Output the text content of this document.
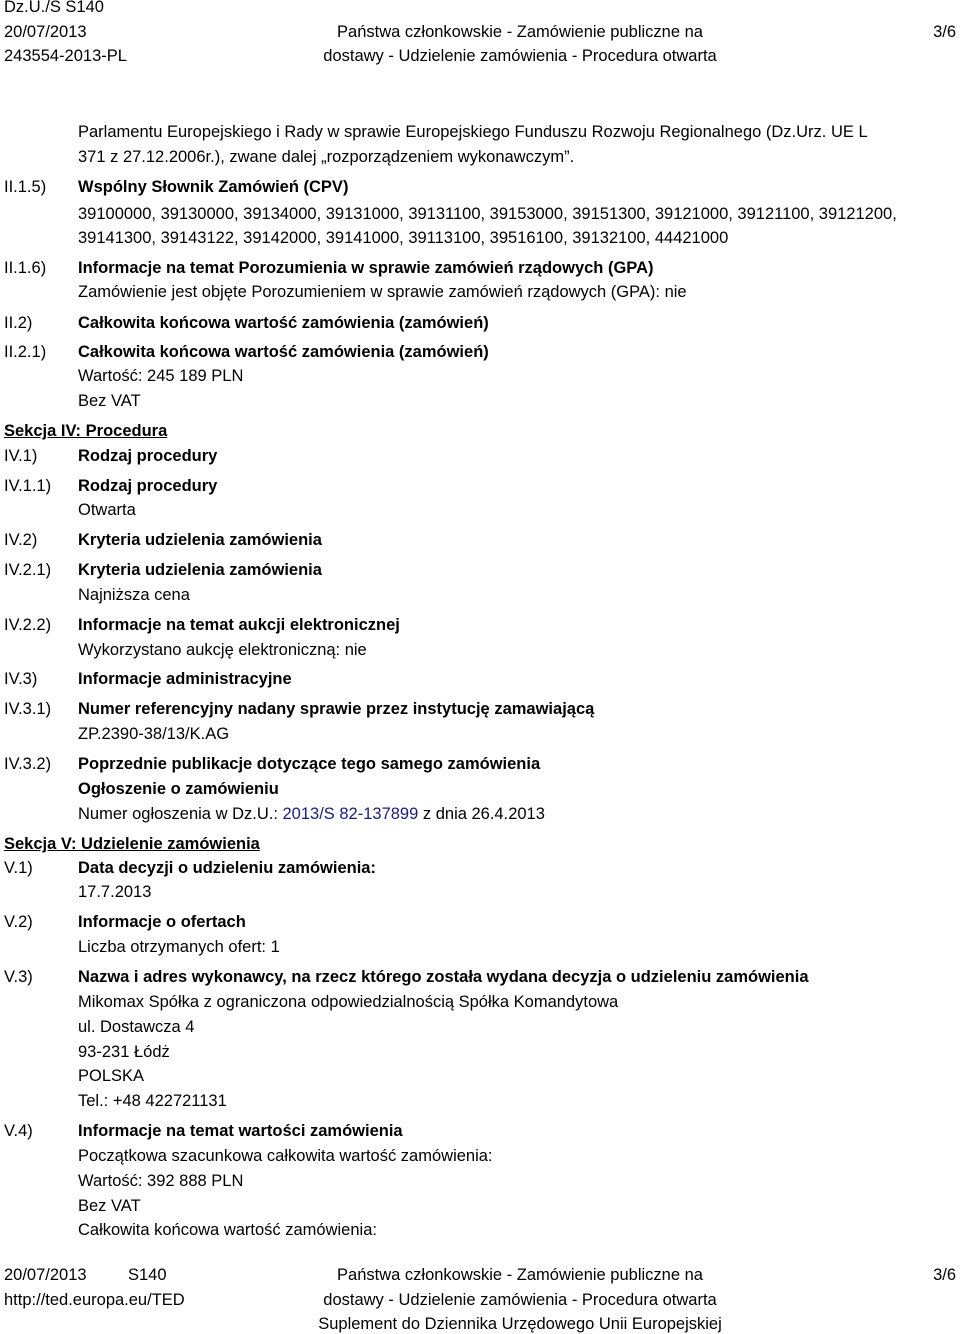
Dz.U./S S140
20/07/2013
243554-2013-PL
Państwa członkowskie - Zamówienie publiczne na
dostawy - Udzielenie zamówienia - Procedura otwarta
3/6
Parlamentu Europejskiego i Rady w sprawie Europejskiego Funduszu Rozwoju Regionalnego (Dz.Urz. UE L
371 z 27.12.2006r.), zwane dalej „rozporządzeniem wykonawczym”.
II.1.5) Wspólny Słownik Zamówień (CPV)
39100000, 39130000, 39134000, 39131000, 39131100, 39153000, 39151300, 39121000, 39121100, 39121200,
39141300, 39143122, 39142000, 39141000, 39113100, 39516100, 39132100, 44421000
II.1.6) Informacje na temat Porozumienia w sprawie zamówień rządowych (GPA)
Zamówienie jest objęte Porozumieniem w sprawie zamówień rządowych (GPA): nie
II.2)	Całkowita końcowa wartość zamówienia (zamówień)
II.2.1) Całkowita końcowa wartość zamówienia (zamówień)
Wartość: 245 189 PLN
Bez VAT
Sekcja IV: Procedura
IV.1) Rodzaj procedury
IV.1.1) Rodzaj procedury
Otwarta
IV.2) Kryteria udzielenia zamówienia
IV.2.1) Kryteria udzielenia zamówienia
Najniższa cena
IV.2.2) Informacje na temat aukcji elektronicznej
Wykorzystano aukcję elektroniczną: nie
IV.3) Informacje administracyjne
IV.3.1) Numer referencyjny nadany sprawie przez instytucję zamawiającą
ZP.2390-38/13/K.AG
IV.3.2) Poprzednie publikacje dotyczące tego samego zamówienia
Ogłoszenie o zamówieniu
Numer ogłoszenia w Dz.U.: 2013/S 82-137899 z dnia 26.4.2013
Sekcja V: Udzielenie zamówienia
V.1)	Data decyzji o udzieleniu zamówienia:
17.7.2013
V.2)	Informacje o ofertach
Liczba otrzymanych ofert: 1
V.3)	Nazwa i adres wykonawcy, na rzecz którego została wydana decyzja o udzieleniu zamówienia
Mikomax Spółka z ograniczona odpowiedzialnością Spółka Komandytowa
ul. Dostawcza 4
93-231 Łódż
POLSKA
Tel.: +48 422721131
V.4)	Informacje na temat wartości zamówienia
Początkowa szacunkowa całkowita wartość zamówienia:
Wartość: 392 888 PLN
Bez VAT
Całkowita końcowa wartość zamówienia:
20/07/2013	S140
http://ted.europa.eu/TED
Państwa członkowskie - Zamówienie publiczne na
dostawy - Udzielenie zamówienia - Procedura otwarta
Suplement do Dziennika Urzędowego Unii Europejskiej
3/6
